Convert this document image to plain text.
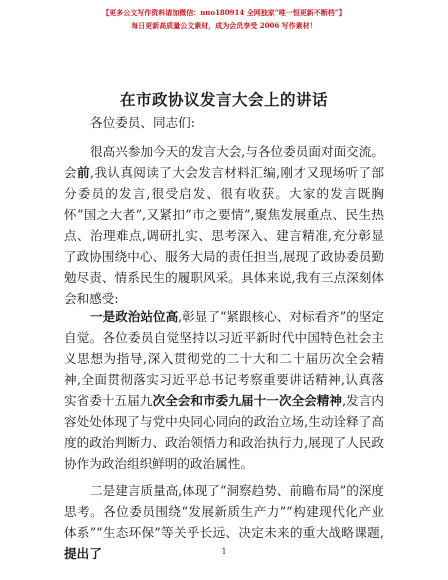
【更多公文写作资料请加微信：nuo180914 全网独家“唯一恒更新不断档”】
每日更新高质量公文素材，成为会员享受 2006 写作素材！
在市政协议发言大会上的讲话
各位委员、同志们:

很高兴参加今天的发言大会,与各位委员面对面交流。会前,我认真阅读了大会发言材料汇编,刚才又现场听了部分委员的发言,很受启发、很有收获。大家的发言既胸怀“国之大者”,又紧扣“市之要情”,聚焦发展重点、民生热点、治理难点,调研扎实、思考深入、建言精准,充分彰显了政协围绕中心、服务大局的责任担当,展现了政协委员勤勉尽责、情系民生的履职风采。具体来说,我有三点深刻体会和感受:

一是政治站位高,彰显了“紧跟核心、对标看齐”的坚定自觉。各位委员自觉坚持以习近平新时代中国特色社会主义思想为指导,深入贯彻党的二十大和二十届历次全会精神,全面贯彻落实习近平总书记考察重要讲话精神,认真落实省委十五届九次全会和市委九届十一次全会精神,发言内容处处体现了与党中央同心同向的政治立场,生动诠释了高度的政治判断力、政治领悟力和政治执行力,展现了人民政协作为政治组织鲜明的政治属性。

二是建言质量高,体现了“洞察趋势、前瞻布局”的深度思考。各位委员围绕“发展新质生产力”“构建现代化产业体系”“生态环保”等关乎长远、决定未来的重大战略课题,提出了	1
